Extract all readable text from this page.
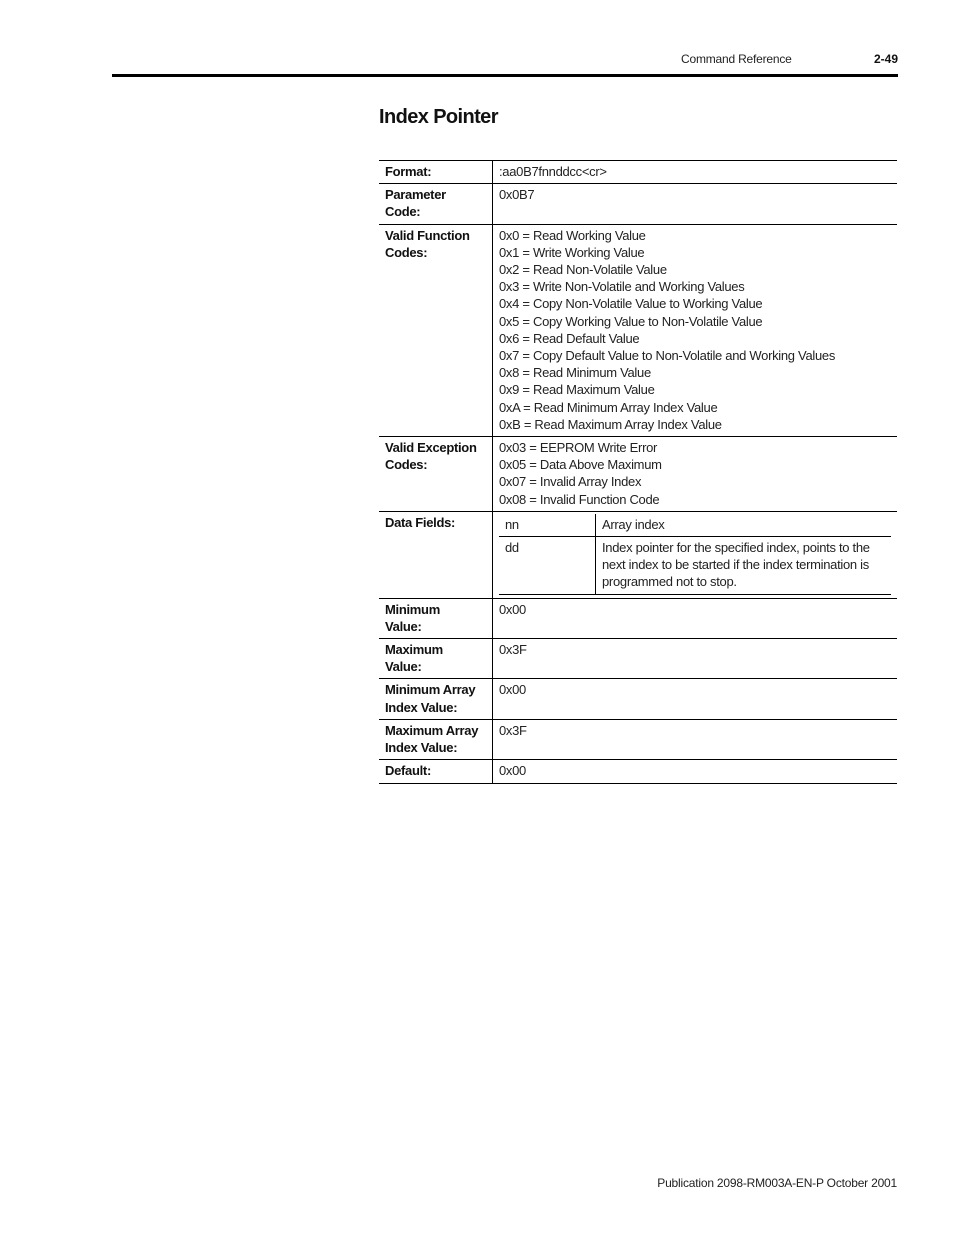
Command Reference	2-49
Index Pointer
Format:	:aa0B7fnnddcc<cr>

Parameter
Code:
	0x0B7

Valid Function
Codes:

0x0 = Read Working Value
0x1 = Write Working Value
0x2 = Read Non-Volatile Value
0x3 = Write Non-Volatile and Working Values
0x4 = Copy Non-Volatile Value to Working Value
0x5 = Copy Working Value to Non-Volatile Value
0x6 = Read Default Value
0x7 = Copy Default Value to Non-Volatile and Working Values
0x8 = Read Minimum Value
0x9 = Read Maximum Value
0xA = Read Minimum Array Index Value
0xB = Read Maximum Array Index Value

Valid Exception
Codes:

0x03 = EEPROM Write Error
0x05 = Data Above Maximum
0x07 = Invalid Array Index
0x08 = Invalid Function Code

Data Fields:		nn	Array index
dd	Index pointer for the specified index, points to the next index to be started if the index termination is programmed not to stop.

Minimum
Value:
	0x00

Maximum
Value:
	0x3F

Minimum Array
Index Value:
	0x00

Maximum Array
Index Value:
	0x3F
Default:	0x00
Publication 2098-RM003A-EN-P October 2001
